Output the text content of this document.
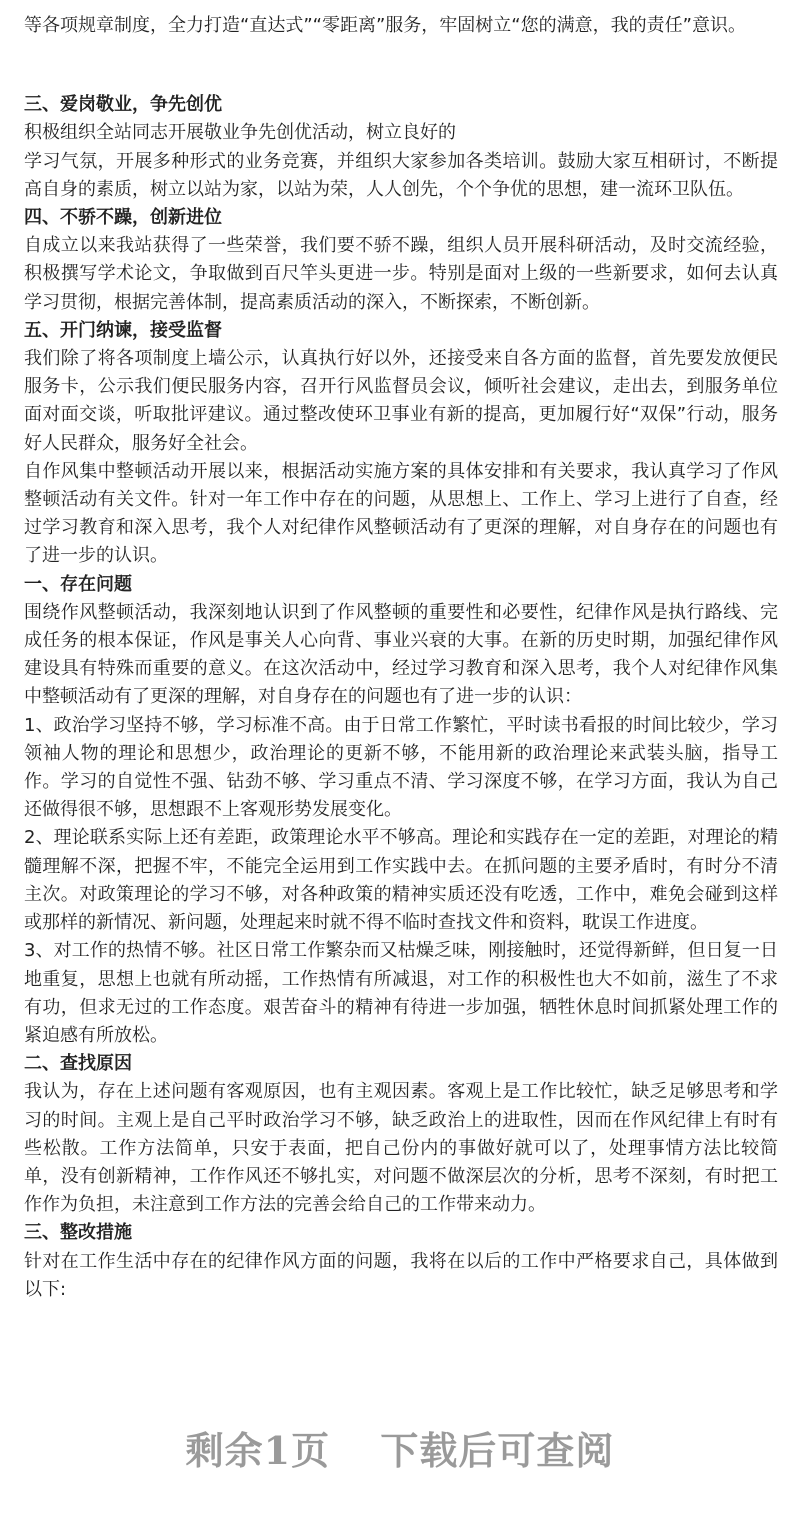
等各项规章制度，全力打造“直达式”“零距离”服务，牢固树立“您的满意，我的责任”意识。

三、爱岗敬业，争先创优

积极组织全站同志开展敬业争先创优活动，树立良好的

学习气氛，开展多种形式的业务竞赛，并组织大家参加各类培训。鼓励大家互相研讨，不断提高自身的素质，树立以站为家，以站为荣，人人创先，个个争优的思想，建一流环卫队伍。

四、不骄不躁，创新进位

自成立以来我站获得了一些荣誉，我们要不骄不躁，组织人员开展科研活动，及时交流经验，积极撰写学术论文，争取做到百尺竿头更进一步。特别是面对上级的一些新要求，如何去认真学习贯彻，根据完善体制，提高素质活动的深入，不断探索，不断创新。

五、开门纳谏，接受监督

我们除了将各项制度上墙公示，认真执行好以外，还接受来自各方面的监督，首先要发放便民服务卡，公示我们便民服务内容，召开行风监督员会议，倾听社会建议，走出去，到服务单位面对面交谈，听取批评建议。通过整改使环卫事业有新的提高，更加履行好“双保”行动，服务好人民群众，服务好全社会。

自作风集中整顿活动开展以来，根据活动实施方案的具体安排和有关要求，我认真学习了作风整顿活动有关文件。针对一年工作中存在的问题，从思想上、工作上、学习上进行了自查，经过学习教育和深入思考，我个人对纪律作风整顿活动有了更深的理解，对自身存在的问题也有了进一步的认识。

一、存在问题

围绕作风整顿活动，我深刻地认识到了作风整顿的重要性和必要性，纪律作风是执行路线、完成任务的根本保证，作风是事关人心向背、事业兴衰的大事。在新的历史时期，加强纪律作风建设具有特殊而重要的意义。在这次活动中，经过学习教育和深入思考，我个人对纪律作风集中整顿活动有了更深的理解，对自身存在的问题也有了进一步的认识：

1、政治学习坚持不够，学习标准不高。由于日常工作繁忙，平时读书看报的时间比较少，学习领袖人物的理论和思想少，政治理论的更新不够，不能用新的政治理论来武装头脑，指导工作。学习的自觉性不强、钻劲不够、学习重点不清、学习深度不够，在学习方面，我认为自己还做得很不够，思想跟不上客观形势发展变化。

2、理论联系实际上还有差距，政策理论水平不够高。理论和实践存在一定的差距，对理论的精髓理解不深，把握不牢，不能完全运用到工作实践中去。在抓问题的主要矛盾时，有时分不清主次。对政策理论的学习不够，对各种政策的精神实质还没有吃透，工作中，难免会碰到这样或那样的新情况、新问题，处理起来时就不得不临时查找文件和资料，耽误工作进度。

3、对工作的热情不够。社区日常工作繁杂而又枯燥乏味，刚接触时，还觉得新鲜，但日复一日地重复，思想上也就有所动摇，工作热情有所减退，对工作的积极性也大不如前，滋生了不求有功，但求无过的工作态度。艰苦奋斗的精神有待进一步加强，牺牲休息时间抓紧处理工作的紧迫感有所放松。

二、查找原因

我认为，存在上述问题有客观原因，也有主观因素。客观上是工作比较忙，缺乏足够思考和学习的时间。主观上是自己平时政治学习不够，缺乏政治上的进取性，因而在作风纪律上有时有些松散。工作方法简单，只安于表面，把自己份内的事做好就可以了，处理事情方法比较简单，没有创新精神，工作作风还不够扎实，对问题不做深层次的分析，思考不深刻，有时把工作作为负担，未注意到工作方法的完善会给自己的工作带来动力。

三、整改措施

针对在工作生活中存在的纪律作风方面的问题，我将在以后的工作中严格要求自己，具体做到以下:

剩余1页 下载后可查阅
